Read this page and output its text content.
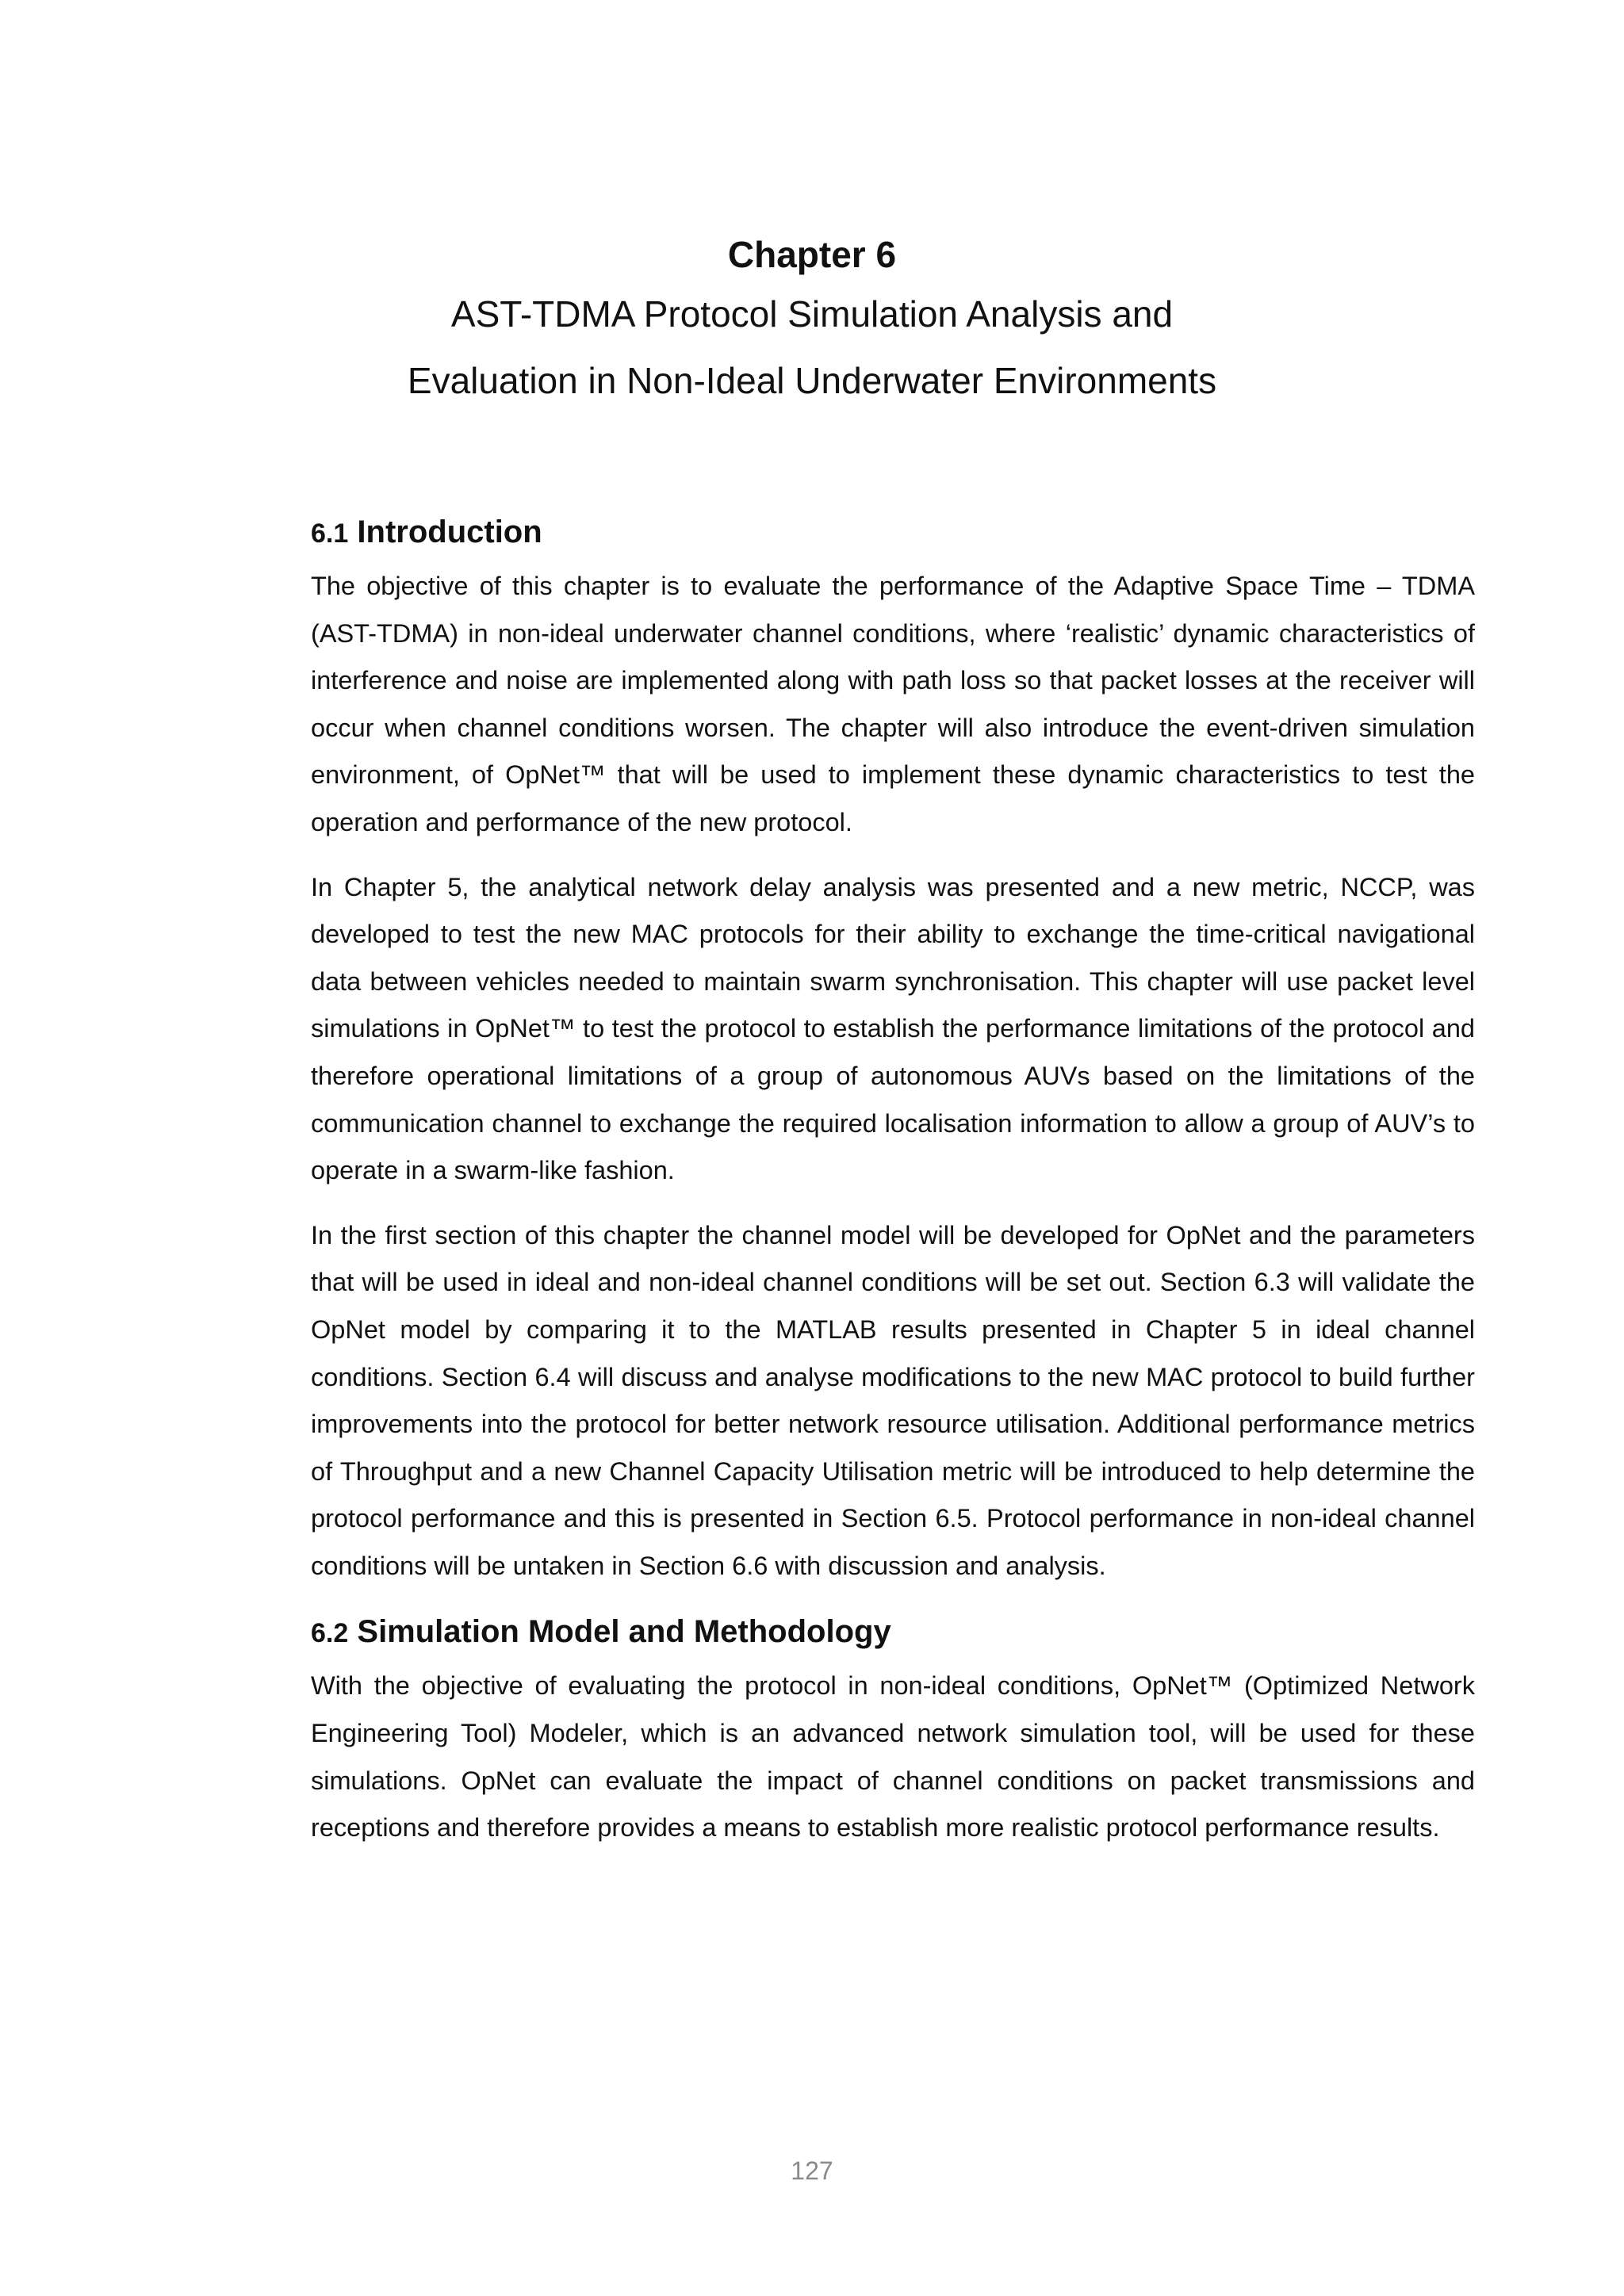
Chapter 6
AST-TDMA Protocol Simulation Analysis and
Evaluation in Non-Ideal Underwater Environments
6.1 Introduction

The objective of this chapter is to evaluate the performance of the Adaptive Space Time – TDMA (AST-TDMA) in non-ideal underwater channel conditions, where ‘realistic’ dynamic characteristics of interference and noise are implemented along with path loss so that packet losses at the receiver will occur when channel conditions worsen. The chapter will also introduce the event-driven simulation environment, of OpNet™ that will be used to implement these dynamic characteristics to test the operation and performance of the new protocol.

In Chapter 5, the analytical network delay analysis was presented and a new metric, NCCP, was developed to test the new MAC protocols for their ability to exchange the time-critical navigational data between vehicles needed to maintain swarm synchronisation. This chapter will use packet level simulations in OpNet™ to test the protocol to establish the performance limitations of the protocol and therefore operational limitations of a group of autonomous AUVs based on the limitations of the communication channel to exchange the required localisation information to allow a group of AUV’s to operate in a swarm-like fashion.

In the first section of this chapter the channel model will be developed for OpNet and the parameters that will be used in ideal and non-ideal channel conditions will be set out. Section 6.3 will validate the OpNet model by comparing it to the MATLAB results presented in Chapter 5 in ideal channel conditions. Section 6.4 will discuss and analyse modifications to the new MAC protocol to build further improvements into the protocol for better network resource utilisation. Additional performance metrics of Throughput and a new Channel Capacity Utilisation metric will be introduced to help determine the protocol performance and this is presented in Section 6.5. Protocol performance in non-ideal channel conditions will be untaken in Section 6.6 with discussion and analysis.

6.2 Simulation Model and Methodology

With the objective of evaluating the protocol in non-ideal conditions, OpNet™ (Optimized Network Engineering Tool) Modeler, which is an advanced network simulation tool, will be used for these simulations. OpNet can evaluate the impact of channel conditions on packet transmissions and receptions and therefore provides a means to establish more realistic protocol performance results.

127
